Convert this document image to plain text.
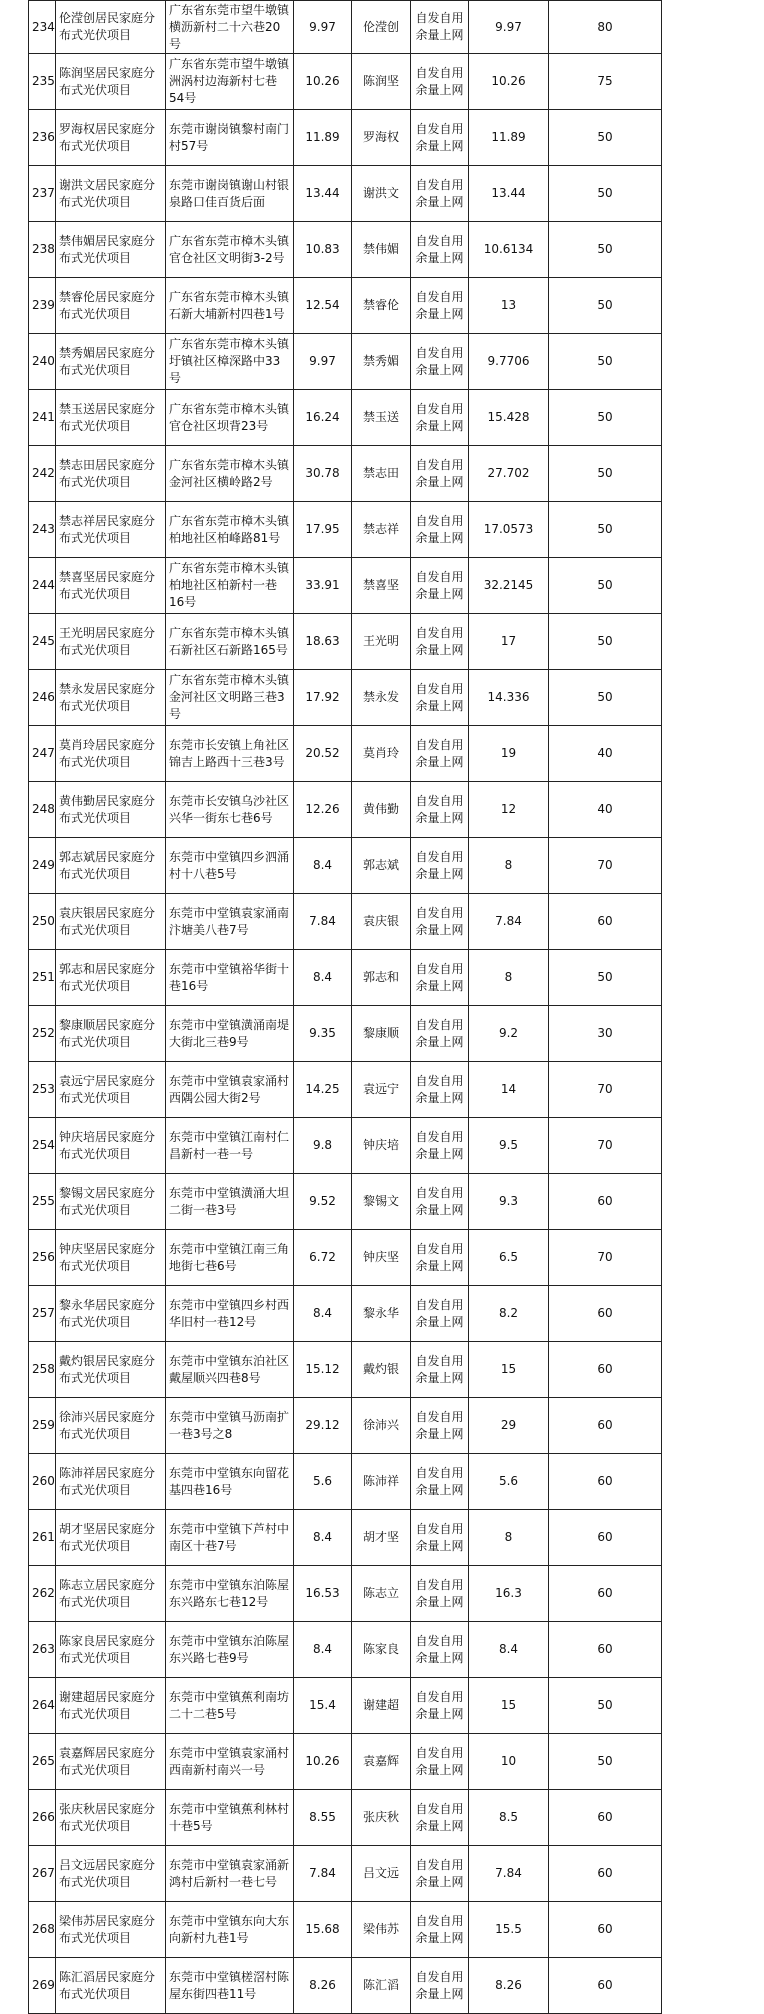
234	伦滢创居民家庭分布式光伏项目	广东省东莞市望牛墩镇横沥新村二十六巷20号	9.97	伦滢创	自发自用余量上网	9.97	80
235	陈润坚居民家庭分布式光伏项目	广东省东莞市望牛墩镇洲涡村边海新村七巷54号	10.26	陈润坚	自发自用余量上网	10.26	75
236	罗海权居民家庭分布式光伏项目	东莞市谢岗镇黎村南门村57号	11.89	罗海权	自发自用余量上网	11.89	50
237	谢洪文居民家庭分布式光伏项目	东莞市谢岗镇谢山村银泉路口佳百货后面	13.44	谢洪文	自发自用余量上网	13.44	50
238	禁伟媚居民家庭分布式光伏项目	广东省东莞市樟木头镇官仓社区文明街3-2号	10.83	禁伟媚	自发自用余量上网	10.6134	50
239	禁睿伦居民家庭分布式光伏项目	广东省东莞市樟木头镇石新大埔新村四巷1号	12.54	禁睿伦	自发自用余量上网	13	50
240	禁秀媚居民家庭分布式光伏项目	广东省东莞市樟木头镇圩镇社区樟深路中33号	9.97	禁秀媚	自发自用余量上网	9.7706	50
241	禁玉送居民家庭分布式光伏项目	广东省东莞市樟木头镇官仓社区坝背23号	16.24	禁玉送	自发自用余量上网	15.428	50
242	禁志田居民家庭分布式光伏项目	广东省东莞市樟木头镇金河社区横岭路2号	30.78	禁志田	自发自用余量上网	27.702	50
243	禁志祥居民家庭分布式光伏项目	广东省东莞市樟木头镇柏地社区柏峰路81号	17.95	禁志祥	自发自用余量上网	17.0573	50
244	禁喜坚居民家庭分布式光伏项目	广东省东莞市樟木头镇柏地社区柏新村一巷16号	33.91	禁喜坚	自发自用余量上网	32.2145	50
245	王光明居民家庭分布式光伏项目	广东省东莞市樟木头镇石新社区石新路165号	18.63	王光明	自发自用余量上网	17	50
246	禁永发居民家庭分布式光伏项目	广东省东莞市樟木头镇金河社区文明路三巷3号	17.92	禁永发	自发自用余量上网	14.336	50
247	莫肖玲居民家庭分布式光伏项目	东莞市长安镇上角社区锦吉上路西十三巷3号	20.52	莫肖玲	自发自用余量上网	19	40
248	黄伟勤居民家庭分布式光伏项目	东莞市长安镇乌沙社区兴华一街东七巷6号	12.26	黄伟勤	自发自用余量上网	12	40
249	郭志斌居民家庭分布式光伏项目	东莞市中堂镇四乡泗涌村十八巷5号	8.4	郭志斌	自发自用余量上网	8	70
250	袁庆银居民家庭分布式光伏项目	东莞市中堂镇袁家涌南汴塘美八巷7号	7.84	袁庆银	自发自用余量上网	7.84	60
251	郭志和居民家庭分布式光伏项目	东莞市中堂镇裕华街十巷16号	8.4	郭志和	自发自用余量上网	8	50
252	黎康顺居民家庭分布式光伏项目	东莞市中堂镇潢涌南堤大街北三巷9号	9.35	黎康顺	自发自用余量上网	9.2	30
253	袁远宁居民家庭分布式光伏项目	东莞市中堂镇袁家涌村西隅公园大街2号	14.25	袁远宁	自发自用余量上网	14	70
254	钟庆培居民家庭分布式光伏项目	东莞市中堂镇江南村仁昌新村一巷一号	9.8	钟庆培	自发自用余量上网	9.5	70
255	黎锡文居民家庭分布式光伏项目	东莞市中堂镇潢涌大坦二街一巷3号	9.52	黎锡文	自发自用余量上网	9.3	60
256	钟庆坚居民家庭分布式光伏项目	东莞市中堂镇江南三角地街七巷6号	6.72	钟庆坚	自发自用余量上网	6.5	70
257	黎永华居民家庭分布式光伏项目	东莞市中堂镇四乡村西华旧村一巷12号	8.4	黎永华	自发自用余量上网	8.2	60
258	戴灼银居民家庭分布式光伏项目	东莞市中堂镇东泊社区戴屋顺兴四巷8号	15.12	戴灼银	自发自用余量上网	15	60
259	徐沛兴居民家庭分布式光伏项目	东莞市中堂镇马沥南扩一巷3号之8	29.12	徐沛兴	自发自用余量上网	29	60
260	陈沛祥居民家庭分布式光伏项目	东莞市中堂镇东向留花基四巷16号	5.6	陈沛祥	自发自用余量上网	5.6	60
261	胡才坚居民家庭分布式光伏项目	东莞市中堂镇下芦村中南区十巷7号	8.4	胡才坚	自发自用余量上网	8	60
262	陈志立居民家庭分布式光伏项目	东莞市中堂镇东泊陈屋东兴路东七巷12号	16.53	陈志立	自发自用余量上网	16.3	60
263	陈家良居民家庭分布式光伏项目	东莞市中堂镇东泊陈屋东兴路七巷9号	8.4	陈家良	自发自用余量上网	8.4	60
264	谢建超居民家庭分布式光伏项目	东莞市中堂镇蕉利南坊二十二巷5号	15.4	谢建超	自发自用余量上网	15	50
265	袁嘉辉居民家庭分布式光伏项目	东莞市中堂镇袁家涌村西南新村南兴一号	10.26	袁嘉辉	自发自用余量上网	10	50
266	张庆秋居民家庭分布式光伏项目	东莞市中堂镇蕉利林村十巷5号	8.55	张庆秋	自发自用余量上网	8.5	60
267	吕文远居民家庭分布式光伏项目	东莞市中堂镇袁家涌新鸿村后新村一巷七号	7.84	吕文远	自发自用余量上网	7.84	60
268	梁伟苏居民家庭分布式光伏项目	东莞市中堂镇东向大东向新村九巷1号	15.68	梁伟苏	自发自用余量上网	15.5	60
269	陈汇滔居民家庭分布式光伏项目	东莞市中堂镇槎滘村陈屋东街四巷11号	8.26	陈汇滔	自发自用余量上网	8.26	60
